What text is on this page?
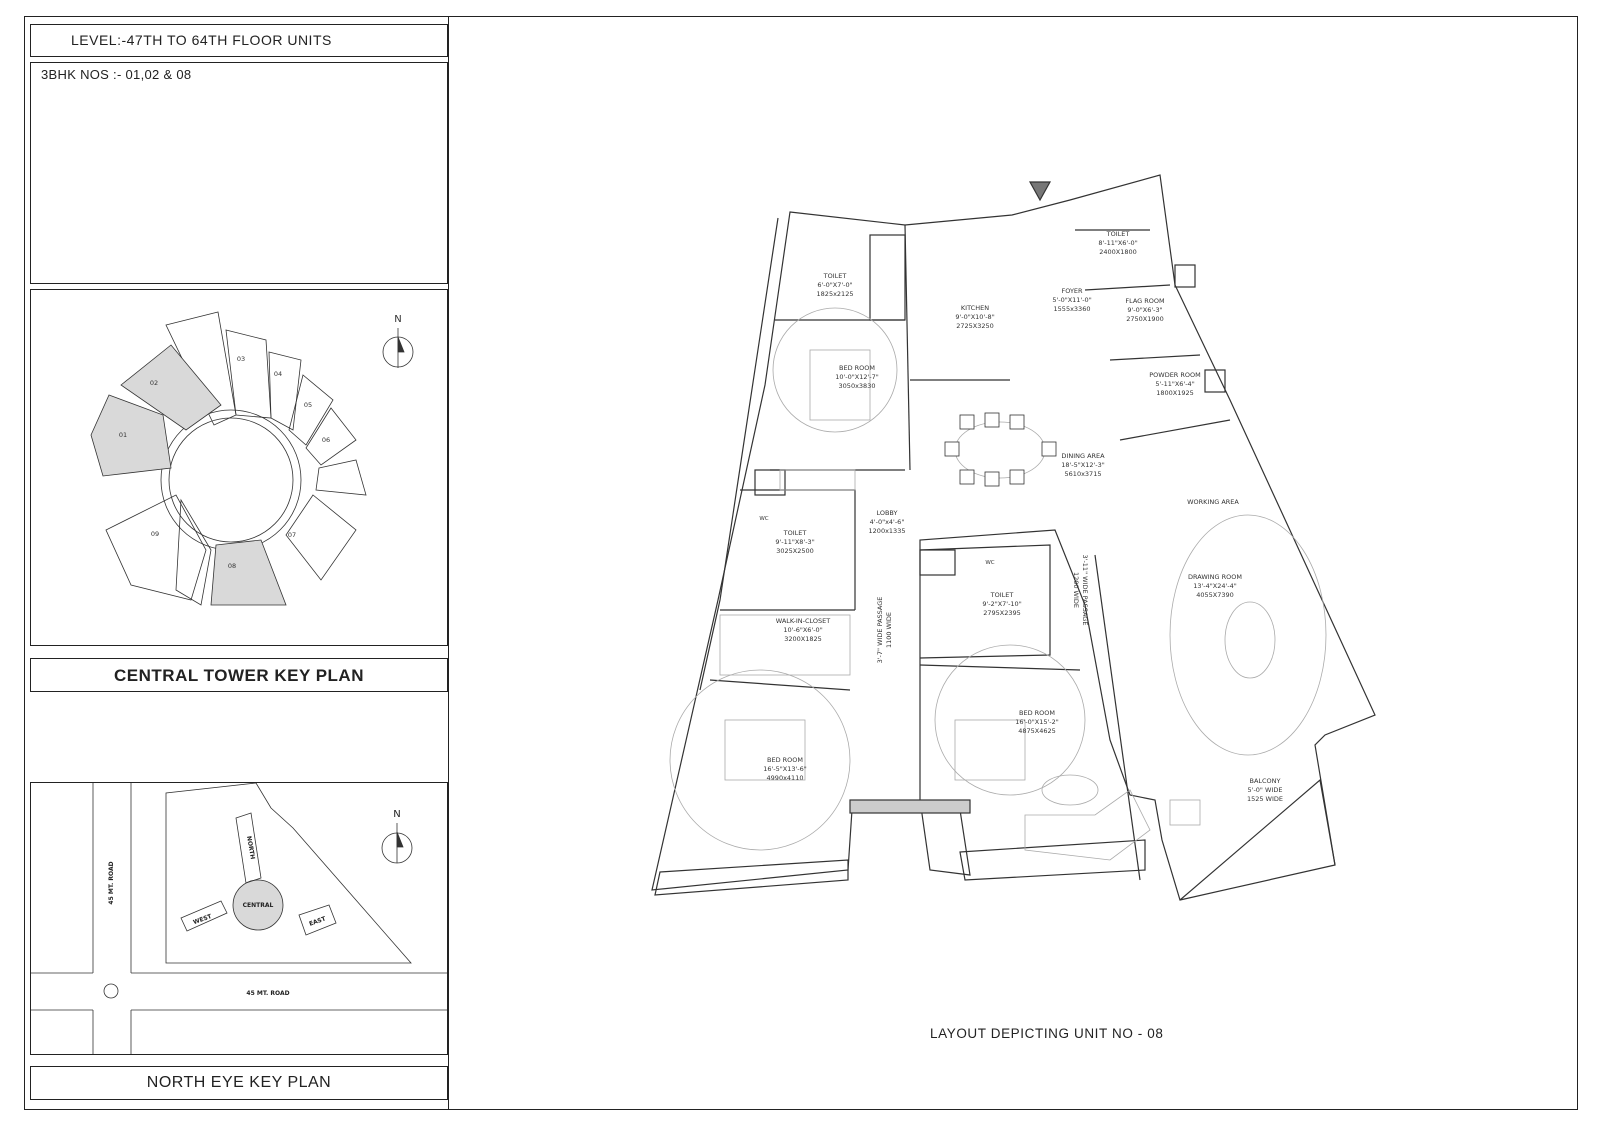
LEVEL:-47TH TO 64TH FLOOR UNITS
3BHK NOS :- 01,02 & 08
01
02
03
04
05
06
07
08
09
N
CENTRAL TOWER KEY PLAN
CENTRAL
WEST	EAST
NORTH
45 MT. ROAD
45 MT. ROAD
N
NORTH EYE KEY PLAN
TOILET
6'-0"X7'-0"
1825x2125
KITCHEN
9'-0"X10'-8"
2725X3250
FOYER
5'-0"X11'-0"
1555x3360
TOILET
8'-11"X6'-0"
2400X1800
FLAG ROOM
9'-0"X6'-3"
2750X1900
POWDER ROOM
5'-11"X6'-4"
1800X1925
BED ROOM
10'-0"X12'-7"
3050x3830
DINING AREA
18'-5"X12'-3"
5610x3715
WORKING AREA
TOILET
9'-11"X8'-3"
3025X2500
LOBBY
4'-0"x4'-6"
1200x1335
DRAWING ROOM
13'-4"X24'-4"
4055X7390
TOILET
9'-2"X7'-10"
2795X2395
WALK-IN-CLOSET
10'-6"X6'-0"
3200X1825
BED ROOM
16'-0"X15'-2"
4875X4625
BED ROOM
16'-5"X13'-6"
4990x4110	BALCONY
5'-0" WIDE
1525 WIDE
WC
WC
3'-7" WIDE PASSAGE 1100 WIDE
3'-11" WIDE PASSAGE
1200 WIDE
LAYOUT DEPICTING UNIT NO - 08
